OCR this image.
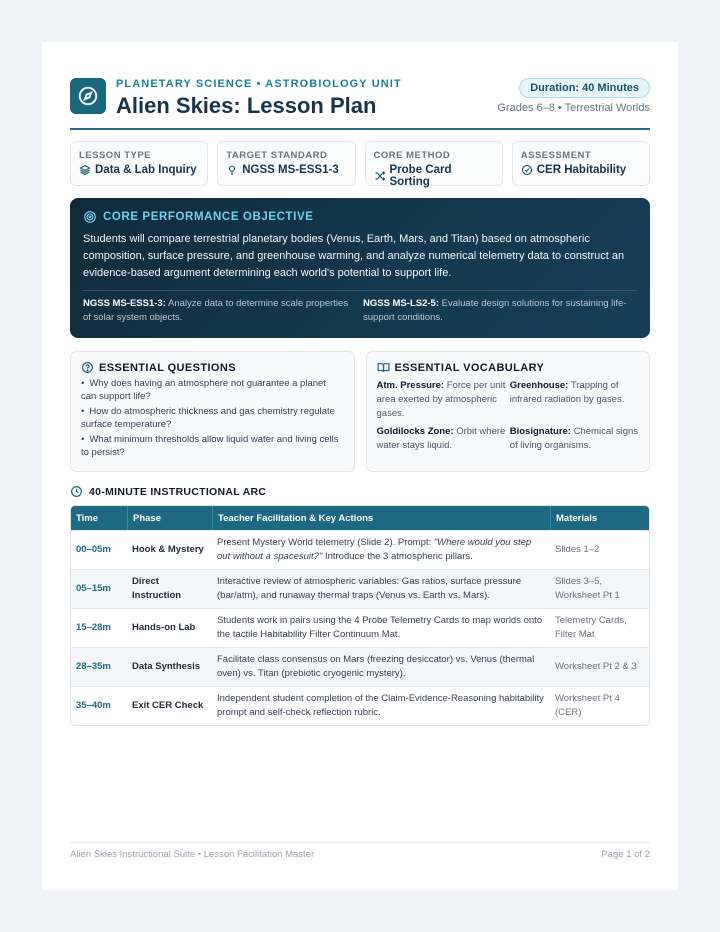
PLANETARY SCIENCE • ASTROBIOLOGY UNIT
Alien Skies: Lesson Plan
Duration: 40 Minutes
Grades 6–8 • Terrestrial Worlds
LESSON TYPE
Data & Lab Inquiry
TARGET STANDARD
NGSS MS-ESS1-3
CORE METHOD
Probe Card Sorting
ASSESSMENT
CER Habitability
CORE PERFORMANCE OBJECTIVE
Students will compare terrestrial planetary bodies (Venus, Earth, Mars, and Titan) based on atmospheric composition, surface pressure, and greenhouse warming, and analyze numerical telemetry data to construct an evidence-based argument determining each world's potential to support life.
NGSS MS-ESS1-3: Analyze data to determine scale properties of solar system objects.
NGSS MS-LS2-5: Evaluate design solutions for sustaining life-support conditions.
ESSENTIAL QUESTIONS
• Why does having an atmosphere not guarantee a planet can support life?
• How do atmospheric thickness and gas chemistry regulate surface temperature?
• What minimum thresholds allow liquid water and living cells to persist?
ESSENTIAL VOCABULARY
Atm. Pressure: Force per unit area exerted by atmospheric gases.
Greenhouse: Trapping of infrared radiation by gases.
Goldilocks Zone: Orbit where water stays liquid.
Biosignature: Chemical signs of living organisms.
40-MINUTE INSTRUCTIONAL ARC
Time	Phase	Teacher Facilitation & Key Actions	Materials
00–05m	Hook & Mystery	Present Mystery World telemetry (Slide 2). Prompt: "Where would you step out without a spacesuit?" Introduce the 3 atmospheric pillars.	Slides 1–2
05–15m	Direct Instruction	Interactive review of atmospheric variables: Gas ratios, surface pressure (bar/atm), and runaway thermal traps (Venus vs. Earth vs. Mars).	Slides 3–5, Worksheet Pt 1
15–28m	Hands-on Lab	Students work in pairs using the 4 Probe Telemetry Cards to map worlds onto the tactile Habitability Filter Continuum Mat.	Telemetry Cards, Filter Mat
28–35m	Data Synthesis	Facilitate class consensus on Mars (freezing desiccator) vs. Venus (thermal oven) vs. Titan (prebiotic cryogenic mystery).	Worksheet Pt 2 & 3
35–40m	Exit CER Check	Independent student completion of the Claim-Evidence-Reasoning habitability prompt and self-check reflection rubric.	Worksheet Pt 4 (CER)
Alien Skies Instructional Suite • Lesson Facilitation Master	Page 1 of 2
